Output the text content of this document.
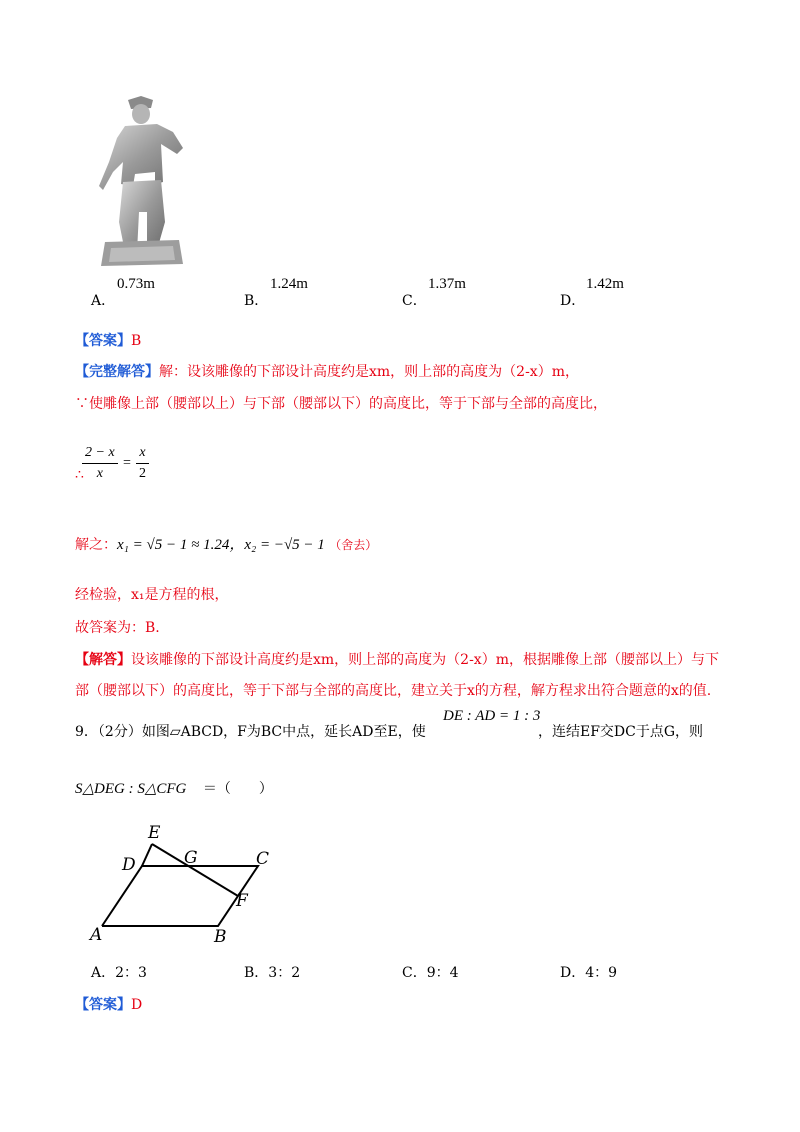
A．
0.73m
B．
1.24m
C．
1.37m
D．
1.42m
【答案】B
【完整解答】解：设该雕像的下部设计高度约是xm，则上部的高度为（2-x）m，
∵使雕像上部（腰部以上）与下部（腰部以下）的高度比，等于下部与全部的高度比，
$\frac{2 - x}{x} = \frac{x}{2}$
∴
解之：x₁ = √5 − 1 ≈ 1.24，x₂ = −√5 − 1 （舍去）
经检验，x₁是方程的根，
故答案为：B.
【解答】设该雕像的下部设计高度约是xm，则上部的高度为（2-x）m，根据雕像上部（腰部以上）与下
部（腰部以下）的高度比，等于下部与全部的高度比，建立关于x的方程，解方程求出符合题意的x的值.
9．（2分）如图▱ABCD，F为BC中点，延长AD至E，使
DE : AD = 1 : 3
，连结EF交DC于点G，则
S△DEG : S△CFG ＝（　　）
E
D	G	C
F
A	B
A．2：3	B．3：2	C．9：4	D．4：9
【答案】D
